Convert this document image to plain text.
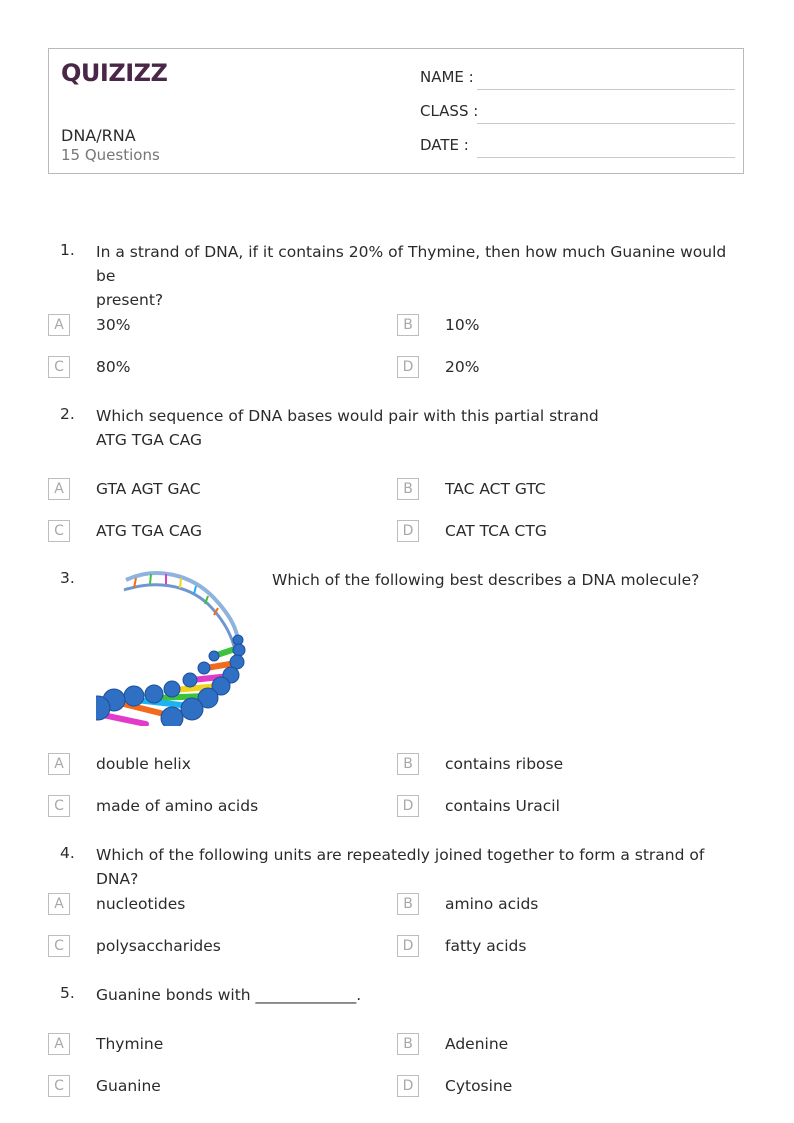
QUIZIZZ
DNA/RNA
15 Questions
NAME :
CLASS :
DATE :
1. In a strand of DNA, if it contains 20% of Thymine, then how much Guanine would be
present?
A	30%	B	10%
C	80%	D	20%
2. Which sequence of DNA bases would pair with this partial strand
ATG TGA CAG
A	GTA AGT GAC	B	TAC ACT GTC
C	ATG TGA CAG	D	CAT TCA CTG
3.	Which of the following best describes a DNA molecule?
A	double helix	B	contains ribose
C	made of amino acids	D	contains Uracil
4. Which of the following units are repeatedly joined together to form a strand of DNA?
A	nucleotides	B	amino acids
C	polysaccharides	D	fatty acids
5. Guanine bonds with _____________.
A	Thymine	B	Adenine
C	Guanine	D	Cytosine
